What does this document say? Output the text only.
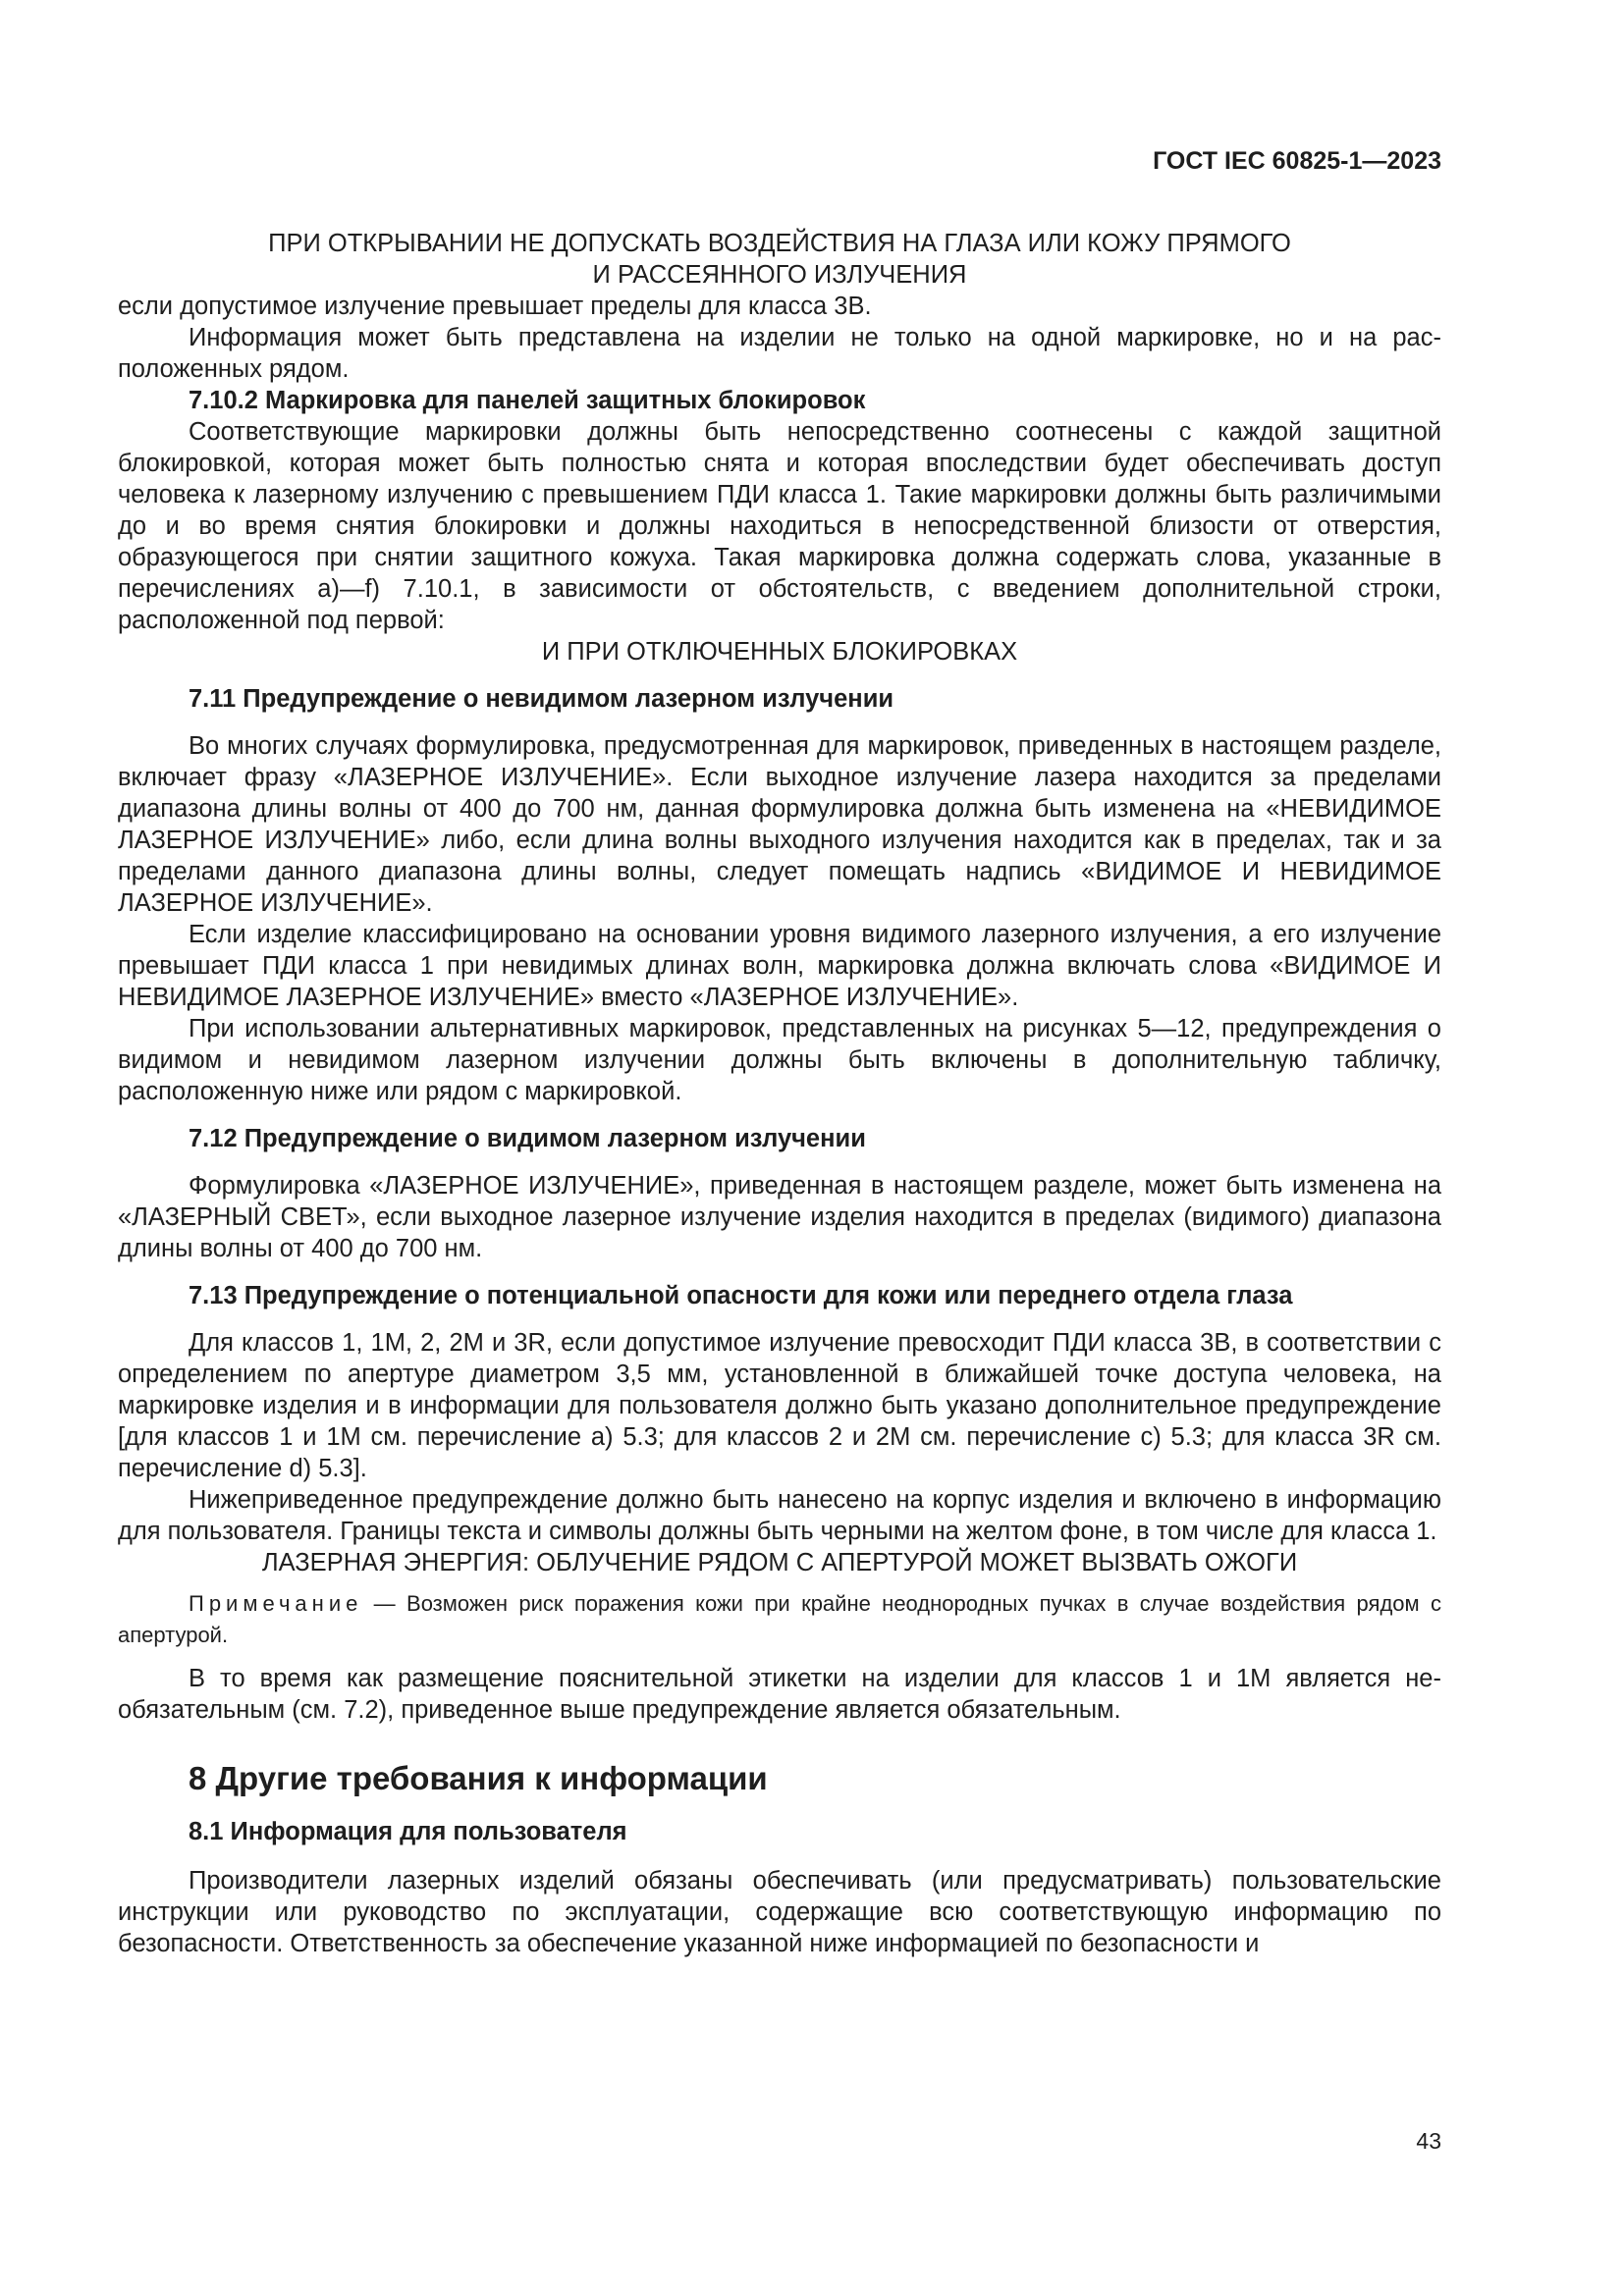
ГОСТ IEC 60825-1—2023

ПРИ ОТКРЫВАНИИ НЕ ДОПУСКАТЬ ВОЗДЕЙСТВИЯ НА ГЛАЗА ИЛИ КОЖУ ПРЯМОГО

И РАССЕЯННОГО ИЗЛУЧЕНИЯ

если допустимое излучение превышает пределы для класса 3В.

Информация может быть представлена на изделии не только на одной маркировке, но и на расположенных рядом.

7.10.2 Маркировка для панелей защитных блокировок

Соответствующие маркировки должны быть непосредственно соотнесены с каждой защитной блокировкой, которая может быть полностью снята и которая впоследствии будет обеспечивать доступ человека к лазерному излучению с превышением ПДИ класса 1. Такие маркировки должны быть различимыми до и во время снятия блокировки и должны находиться в непосредственной близости от отверстия, образующегося при снятии защитного кожуха. Такая маркировка должна содержать слова, указанные в перечислениях а)—f) 7.10.1, в зависимости от обстоятельств, с введением дополнительной строки, расположенной под первой:

И ПРИ ОТКЛЮЧЕННЫХ БЛОКИРОВКАХ

7.11 Предупреждение о невидимом лазерном излучении

Во многих случаях формулировка, предусмотренная для маркировок, приведенных в настоящем разделе, включает фразу «ЛАЗЕРНОЕ ИЗЛУЧЕНИЕ». Если выходное излучение лазера находится за пределами диапазона длины волны от 400 до 700 нм, данная формулировка должна быть изменена на «НЕВИДИМОЕ ЛАЗЕРНОЕ ИЗЛУЧЕНИЕ» либо, если длина волны выходного излучения находится как в пределах, так и за пределами данного диапазона длины волны, следует помещать надпись «ВИДИМОЕ И НЕВИДИМОЕ ЛАЗЕРНОЕ ИЗЛУЧЕНИЕ».

Если изделие классифицировано на основании уровня видимого лазерного излучения, а его излучение превышает ПДИ класса 1 при невидимых длинах волн, маркировка должна включать слова «ВИДИМОЕ И НЕВИДИМОЕ ЛАЗЕРНОЕ ИЗЛУЧЕНИЕ» вместо «ЛАЗЕРНОЕ ИЗЛУЧЕНИЕ».

При использовании альтернативных маркировок, представленных на рисунках 5—12, предупреждения о видимом и невидимом лазерном излучении должны быть включены в дополнительную табличку, расположенную ниже или рядом с маркировкой.

7.12 Предупреждение о видимом лазерном излучении

Формулировка «ЛАЗЕРНОЕ ИЗЛУЧЕНИЕ», приведенная в настоящем разделе, может быть изменена на «ЛАЗЕРНЫЙ СВЕТ», если выходное лазерное излучение изделия находится в пределах (видимого) диапазона длины волны от 400 до 700 нм.

7.13 Предупреждение о потенциальной опасности для кожи или переднего отдела глаза

Для классов 1, 1М, 2, 2М и 3R, если допустимое излучение превосходит ПДИ класса 3В, в соответствии с определением по апертуре диаметром 3,5 мм, установленной в ближайшей точке доступа человека, на маркировке изделия и в информации для пользователя должно быть указано дополнительное предупреждение [для классов 1 и 1М см. перечисление а) 5.3; для классов 2 и 2М см. перечисление с) 5.3; для класса 3R см. перечисление d) 5.3].

Нижеприведенное предупреждение должно быть нанесено на корпус изделия и включено в информацию для пользователя. Границы текста и символы должны быть черными на желтом фоне, в том числе для класса 1.

ЛАЗЕРНАЯ ЭНЕРГИЯ: ОБЛУЧЕНИЕ РЯДОМ С АПЕРТУРОЙ МОЖЕТ ВЫЗВАТЬ ОЖОГИ

Примечание — Возможен риск поражения кожи при крайне неоднородных пучках в случае воздействия рядом с апертурой.

В то время как размещение пояснительной этикетки на изделии для классов 1 и 1М является необязательным (см. 7.2), приведенное выше предупреждение является обязательным.

8 Другие требования к информации

8.1 Информация для пользователя

Производители лазерных изделий обязаны обеспечивать (или предусматривать) пользовательские инструкции или руководство по эксплуатации, содержащие всю соответствующую информацию по безопасности. Ответственность за обеспечение указанной ниже информацией по безопасности и

43
